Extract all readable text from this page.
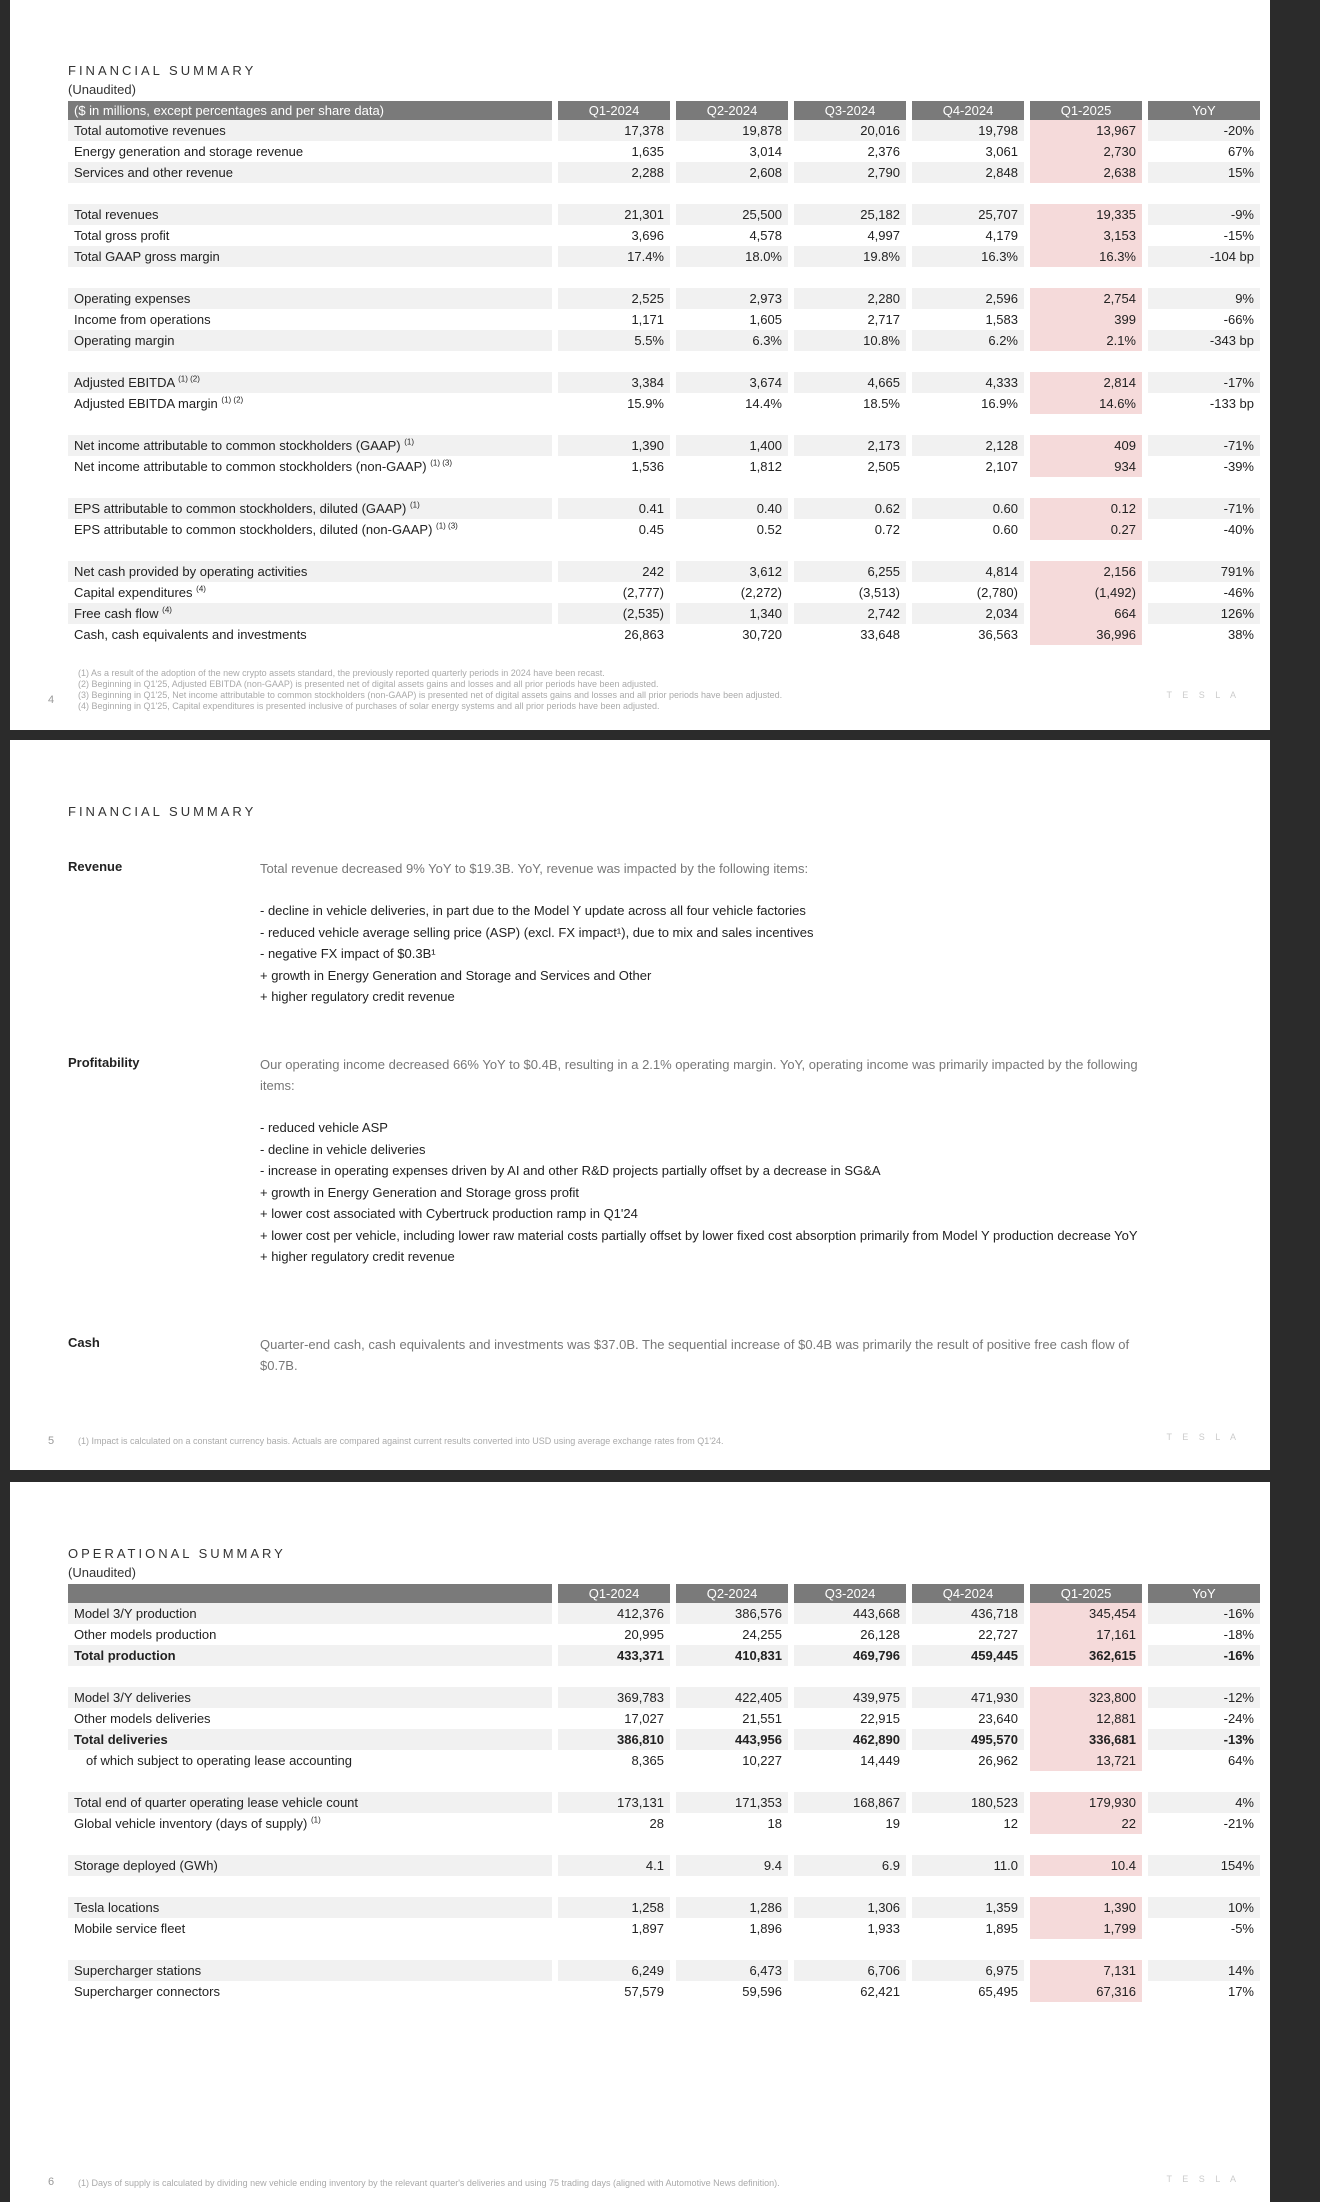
FINANCIAL SUMMARY
(Unaudited)
($ in millions, except percentages and per share data)		Q1-2024		Q2-2024		Q3-2024		Q4-2024		Q1-2025		YoY
Total automotive revenues		17,378		19,878		20,016		19,798		13,967		-20%
Energy generation and storage revenue		1,635		3,014		2,376		3,061		2,730		67%
Services and other revenue		2,288		2,608		2,790		2,848		2,638		15%

Total revenues		21,301		25,500		25,182		25,707		19,335		-9%
Total gross profit		3,696		4,578		4,997		4,179		3,153		-15%
Total GAAP gross margin		17.4%		18.0%		19.8%		16.3%		16.3%		-104 bp

Operating expenses		2,525		2,973		2,280		2,596		2,754		9%
Income from operations		1,171		1,605		2,717		1,583		399		-66%
Operating margin		5.5%		6.3%		10.8%		6.2%		2.1%		-343 bp

Adjusted EBITDA $^{(1) (2)}$		3,384		3,674		4,665		4,333		2,814		-17%
Adjusted EBITDA margin $^{(1) (2)}$		15.9%		14.4%		18.5%		16.9%		14.6%		-133 bp

Net income attributable to common stockholders (GAAP) $^{(1)}$		1,390		1,400		2,173		2,128		409		-71%
Net income attributable to common stockholders (non-GAAP) $^{(1) (3)}$		1,536		1,812		2,505		2,107		934		-39%

EPS attributable to common stockholders, diluted (GAAP) $^{(1)}$		0.41		0.40		0.62		0.60		0.12		-71%
EPS attributable to common stockholders, diluted (non-GAAP) $^{(1) (3)}$		0.45		0.52		0.72		0.60		0.27		-40%

Net cash provided by operating activities		242		3,612		6,255		4,814		2,156		791%
Capital expenditures $^{(4)}$		(2,777)		(2,272)		(3,513)		(2,780)		(1,492)		-46%
Free cash flow $^{(4)}$		(2,535)		1,340		2,742		2,034		664		126%
Cash, cash equivalents and investments		26,863		30,720		33,648		36,563		36,996		38%
(1) As a result of the adoption of the new crypto assets standard, the previously reported quarterly periods in 2024 have been recast.
(2) Beginning in Q1'25, Adjusted EBITDA (non-GAAP) is presented net of digital assets gains and losses and all prior periods have been adjusted.
(3) Beginning in Q1'25, Net income attributable to common stockholders (non-GAAP) is presented net of digital assets gains and losses and all prior periods have been adjusted.
(4) Beginning in Q1'25, Capital expenditures is presented inclusive of purchases of solar energy systems and all prior periods have been adjusted.
4	T E S L A
FINANCIAL SUMMARY
Revenue	Total revenue decreased 9% YoY to $19.3B. YoY, revenue was impacted by the following items:
- decline in vehicle deliveries, in part due to the Model Y update across all four vehicle factories
- reduced vehicle average selling price (ASP) (excl. FX impact¹), due to mix and sales incentives
- negative FX impact of $0.3B¹
+ growth in Energy Generation and Storage and Services and Other
+ higher regulatory credit revenue
Profitability	Our operating income decreased 66% YoY to $0.4B, resulting in a 2.1% operating margin. YoY, operating income was primarily impacted by the following items:
- reduced vehicle ASP
- decline in vehicle deliveries
- increase in operating expenses driven by AI and other R&D projects partially offset by a decrease in SG&A
+ growth in Energy Generation and Storage gross profit
+ lower cost associated with Cybertruck production ramp in Q1'24
+ lower cost per vehicle, including lower raw material costs partially offset by lower fixed cost absorption primarily from Model Y production decrease YoY
+ higher regulatory credit revenue
Cash	Quarter-end cash, cash equivalents and investments was $37.0B. The sequential increase of $0.4B was primarily the result of positive free cash flow of $0.7B.
(1) Impact is calculated on a constant currency basis. Actuals are compared against current results converted into USD using average exchange rates from Q1'24.
5	T E S L A
OPERATIONAL SUMMARY
(Unaudited)
		Q1-2024		Q2-2024		Q3-2024		Q4-2024		Q1-2025		YoY
Model 3/Y production		412,376		386,576		443,668		436,718		345,454		-16%
Other models production		20,995		24,255		26,128		22,727		17,161		-18%
Total production		433,371		410,831		469,796		459,445		362,615		-16%

Model 3/Y deliveries		369,783		422,405		439,975		471,930		323,800		-12%
Other models deliveries		17,027		21,551		22,915		23,640		12,881		-24%
Total deliveries		386,810		443,956		462,890		495,570		336,681		-13%
of which subject to operating lease accounting		8,365		10,227		14,449		26,962		13,721		64%

Total end of quarter operating lease vehicle count		173,131		171,353		168,867		180,523		179,930		4%
Global vehicle inventory (days of supply) $^{(1)}$		28		18		19		12		22		-21%

Storage deployed (GWh)		4.1		9.4		6.9		11.0		10.4		154%

Tesla locations		1,258		1,286		1,306		1,359		1,390		10%
Mobile service fleet		1,897		1,896		1,933		1,895		1,799		-5%

Supercharger stations		6,249		6,473		6,706		6,975		7,131		14%
Supercharger connectors		57,579		59,596		62,421		65,495		67,316		17%
(1) Days of supply is calculated by dividing new vehicle ending inventory by the relevant quarter's deliveries and using 75 trading days (aligned with Automotive News definition).
6	T E S L A
